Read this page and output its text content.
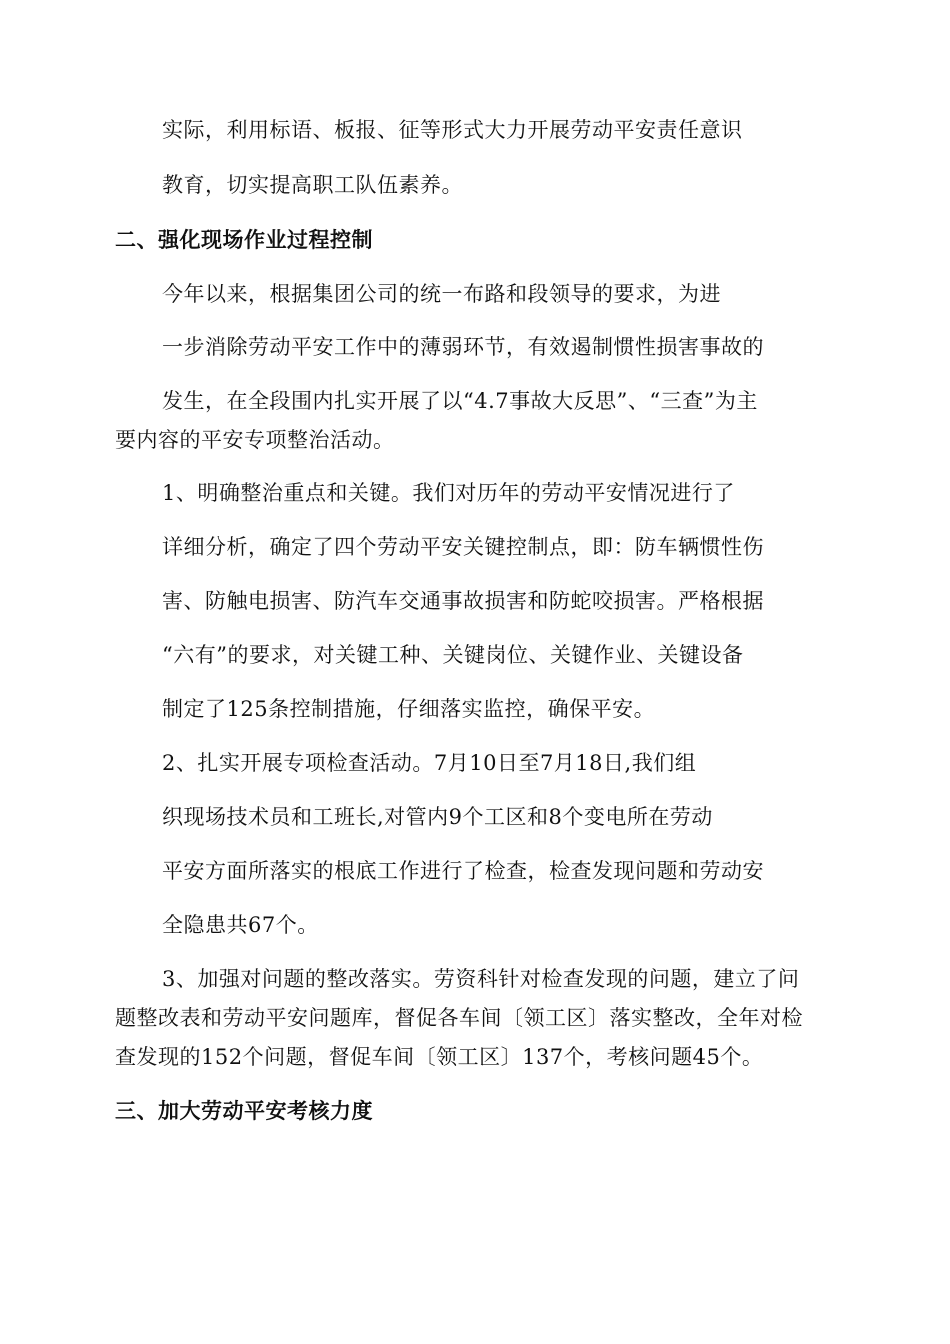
实际，利用标语、板报、征等形式大力开展劳动平安责任意识
教育，切实提高职工队伍素养。
二、强化现场作业过程控制
今年以来，根据集团公司的统一布路和段领导的要求，为进
一步消除劳动平安工作中的薄弱环节，有效遏制惯性损害事故的
发生，在全段围内扎实开展了以“4.7事故大反思”、“三查”为主
要内容的平安专项整治活动。
1、明确整治重点和关键。我们对历年的劳动平安情况进行了
详细分析，确定了四个劳动平安关键控制点，即：防车辆惯性伤
害、防触电损害、防汽车交通事故损害和防蛇咬损害。严格根据
“六有”的要求，对关键工种、关键岗位、关键作业、关键设备
制定了125条控制措施，仔细落实监控，确保平安。
2、扎实开展专项检查活动。7月10日至7月18日,我们组
织现场技术员和工班长,对管内9个工区和8个变电所在劳动
平安方面所落实的根底工作进行了检查，检查发现问题和劳动安
全隐患共67个。
3、加强对问题的整改落实。劳资科针对检查发现的问题，建立了问
题整改表和劳动平安问题库，督促各车间〔领工区〕落实整改，全年对检
查发现的152个问题，督促车间〔领工区〕137个，考核问题45个。
三、加大劳动平安考核力度
